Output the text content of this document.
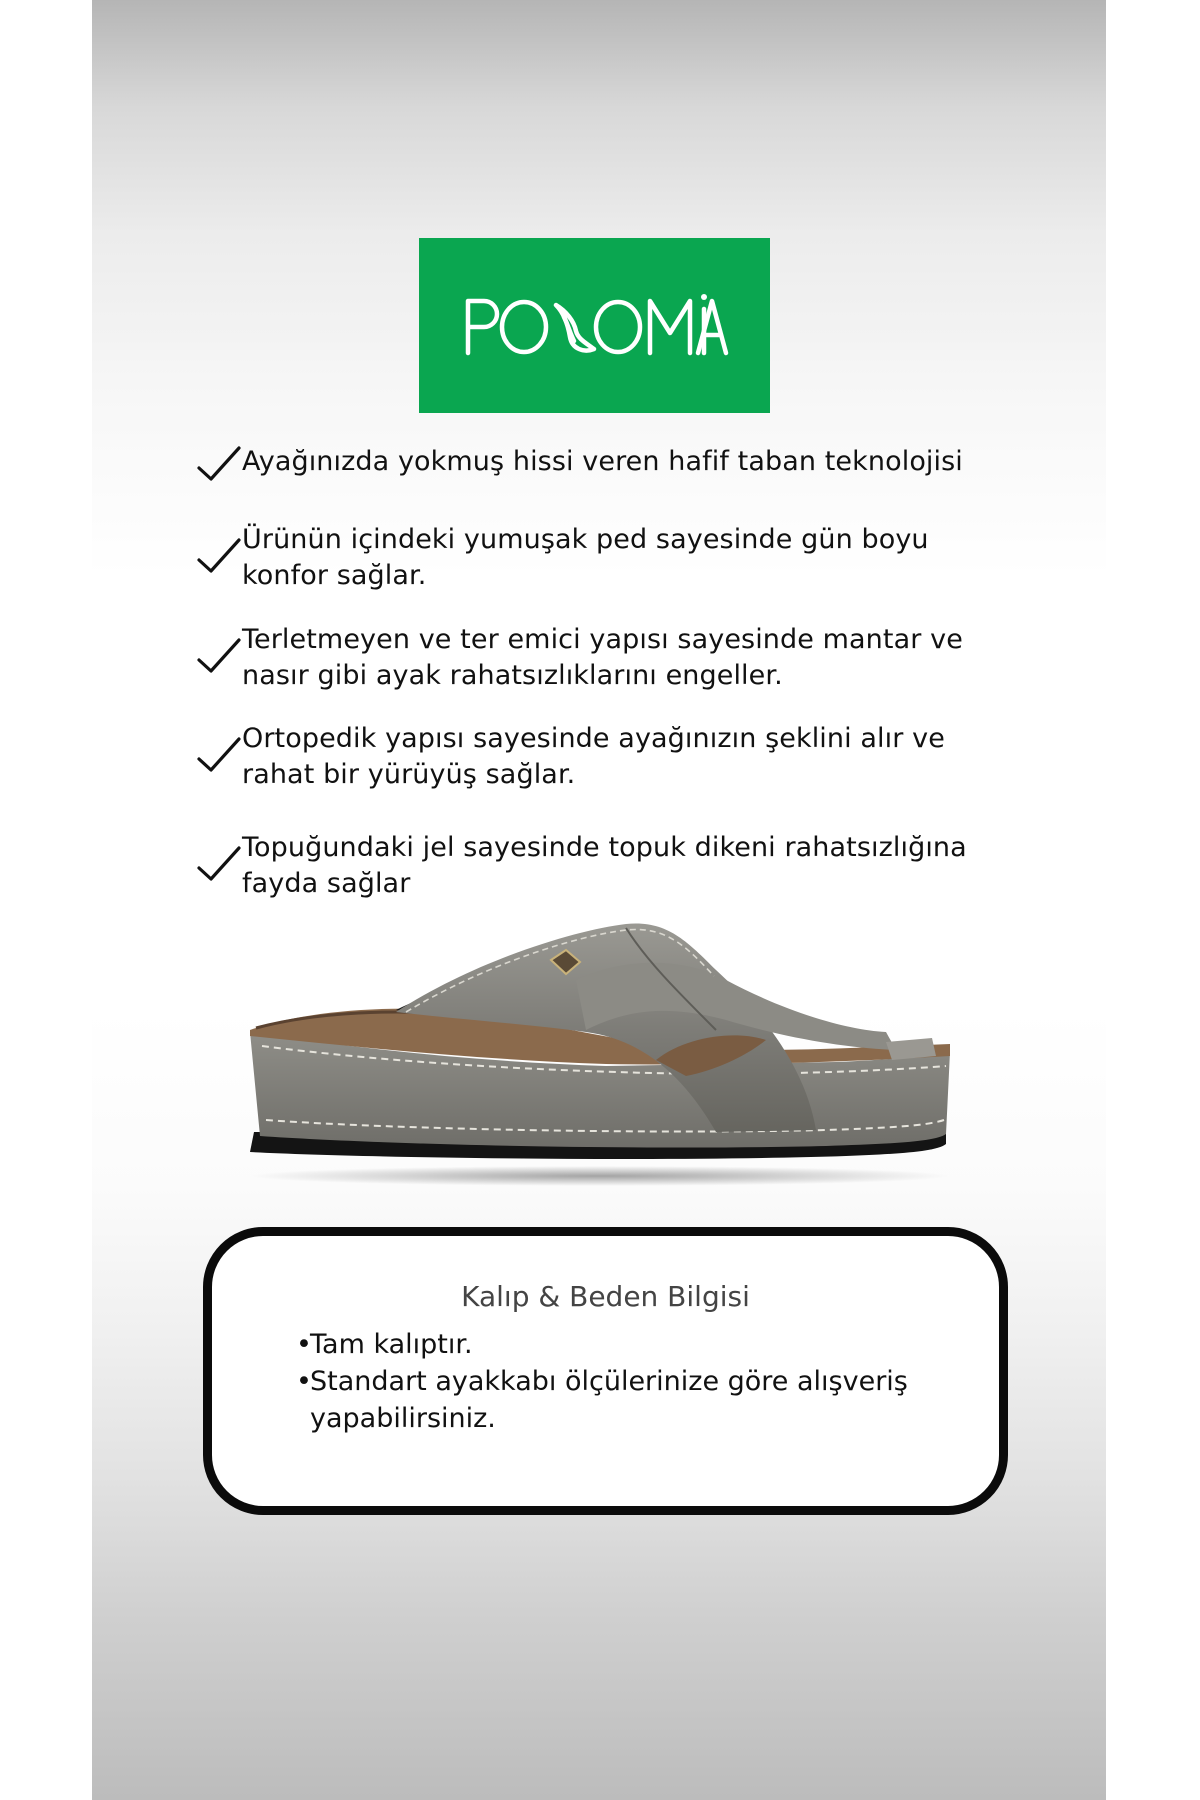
Ayağınızda yokmuş hissi veren hafif taban teknolojisi
Ürünün içindeki yumuşak ped sayesinde gün boyu konfor sağlar.
Terletmeyen ve ter emici yapısı sayesinde mantar ve nasır gibi ayak rahatsızlıklarını engeller.
Ortopedik yapısı sayesinde ayağınızın şeklini alır ve rahat bir yürüyüş sağlar.
Topuğundaki jel sayesinde topuk dikeni rahatsızlığına fayda sağlar
Kalıp & Beden Bilgisi
•
Tam kalıptır.
•
Standart ayakkabı ölçülerinize göre alışveriş yapabilirsiniz.
